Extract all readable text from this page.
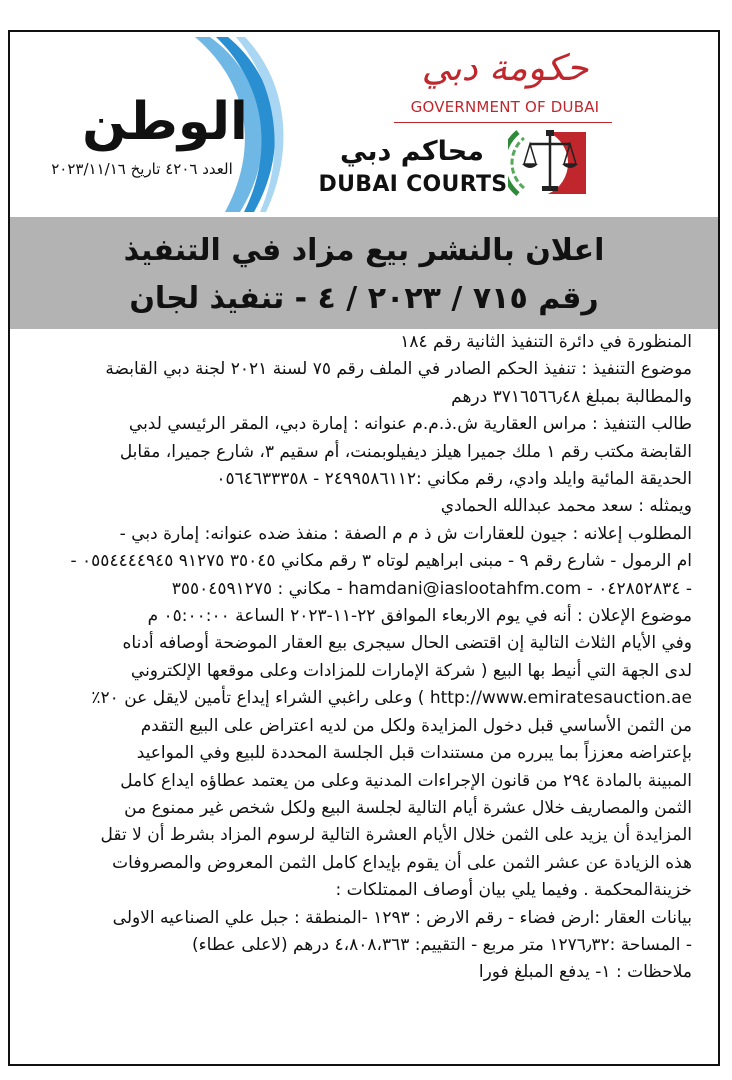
الوطن
العدد ٤٢٠٦ تاريخ ٢٠٢٣/١١/١٦
حكومة دبي
GOVERNMENT OF DUBAI
محاكم دبي
DUBAI COURTS

اعلان بالنشر بيع مزاد في التنفيذ

رقم ٧١٥ / ٢٠٢٣ / ٤ - تنفيذ لجان

المنظورة في دائرة التنفيذ الثانية رقم ١٨٤

موضوع التنفيذ : تنفيذ الحكم الصادر في الملف رقم ٧٥ لسنة ٢٠٢١ لجنة دبي القابضة

والمطالبة بمبلغ ٣٧١٦٥٦٦٫٤٨ درهم

طالب التنفيذ : مراس العقارية ش.ذ.م.م عنوانه : إمارة دبي، المقر الرئيسي لدبي

القابضة مكتب رقم ١ ملك جميرا هيلز ديفيلوبمنت، أم سقيم ٣، شارع جميرا، مقابل

الحديقة المائية وايلد وادي، رقم مكاني :٢٤٩٩٥٨٦١١٢ - ٠٥٦٤٦٣٣٣٥٨

ويمثله : سعد محمد عبدالله الحمادي

المطلوب إعلانه : جيون للعقارات ش ذ م م الصفة : منفذ ضده عنوانه: إمارة دبي -

ام الرمول - شارع رقم ٩ - مبنى ابراهيم لوتاه ٣ رقم مكاني ٣٥٠٤٥ ٩١٢٧٥ ٠٥٥٤٤٤٤٩٤٥ -

- ٠٤٢٨٥٢٨٣٤ - hamdani@iaslootahfm.com - مكاني : ٣٥٥٠٤٥٩١٢٧٥

موضوع الإعلان : أنه في يوم الاربعاء الموافق ٢٢-١١-٢٠٢٣ الساعة ٠٥:٠٠:٠٠ م

وفي الأيام الثلاث التالية إن اقتضى الحال سيجرى بيع العقار الموضحة أوصافه أدناه

لدى الجهة التي أنيط بها البيع ( شركة الإمارات للمزادات وعلى موقعها الإلكتروني

http://www.emiratesauction.ae ) وعلى راغبي الشراء إيداع تأمين لايقل عن ٢٠٪

من الثمن الأساسي قبل دخول المزايدة ولكل من لديه اعتراض على البيع التقدم

بإعتراضه معززاً بما يبرره من مستندات قبل الجلسة المحددة للبيع وفي المواعيد

المبينة بالمادة ٢٩٤ من قانون الإجراءات المدنية وعلى من يعتمد عطاؤه ايداع كامل

الثمن والمصاريف خلال عشرة أيام التالية لجلسة البيع ولكل شخص غير ممنوع من

المزايدة أن يزيد على الثمن خلال الأيام العشرة التالية لرسوم المزاد بشرط أن لا تقل

هذه الزيادة عن عشر الثمن على أن يقوم بإيداع كامل الثمن المعروض والمصروفات

خزينةالمحكمة . وفيما يلي بيان أوصاف الممتلكات :

بيانات العقار :ارض فضاء - رقم الارض : ١٢٩٣ -المنطقة : جبل علي الصناعيه الاولى

- المساحة :١٢٧٦٫٣٢ متر مربع - التقييم: ٤،٨٠٨،٣٦٣ درهم (لاعلى عطاء)

ملاحظات : ١- يدفع المبلغ فورا
